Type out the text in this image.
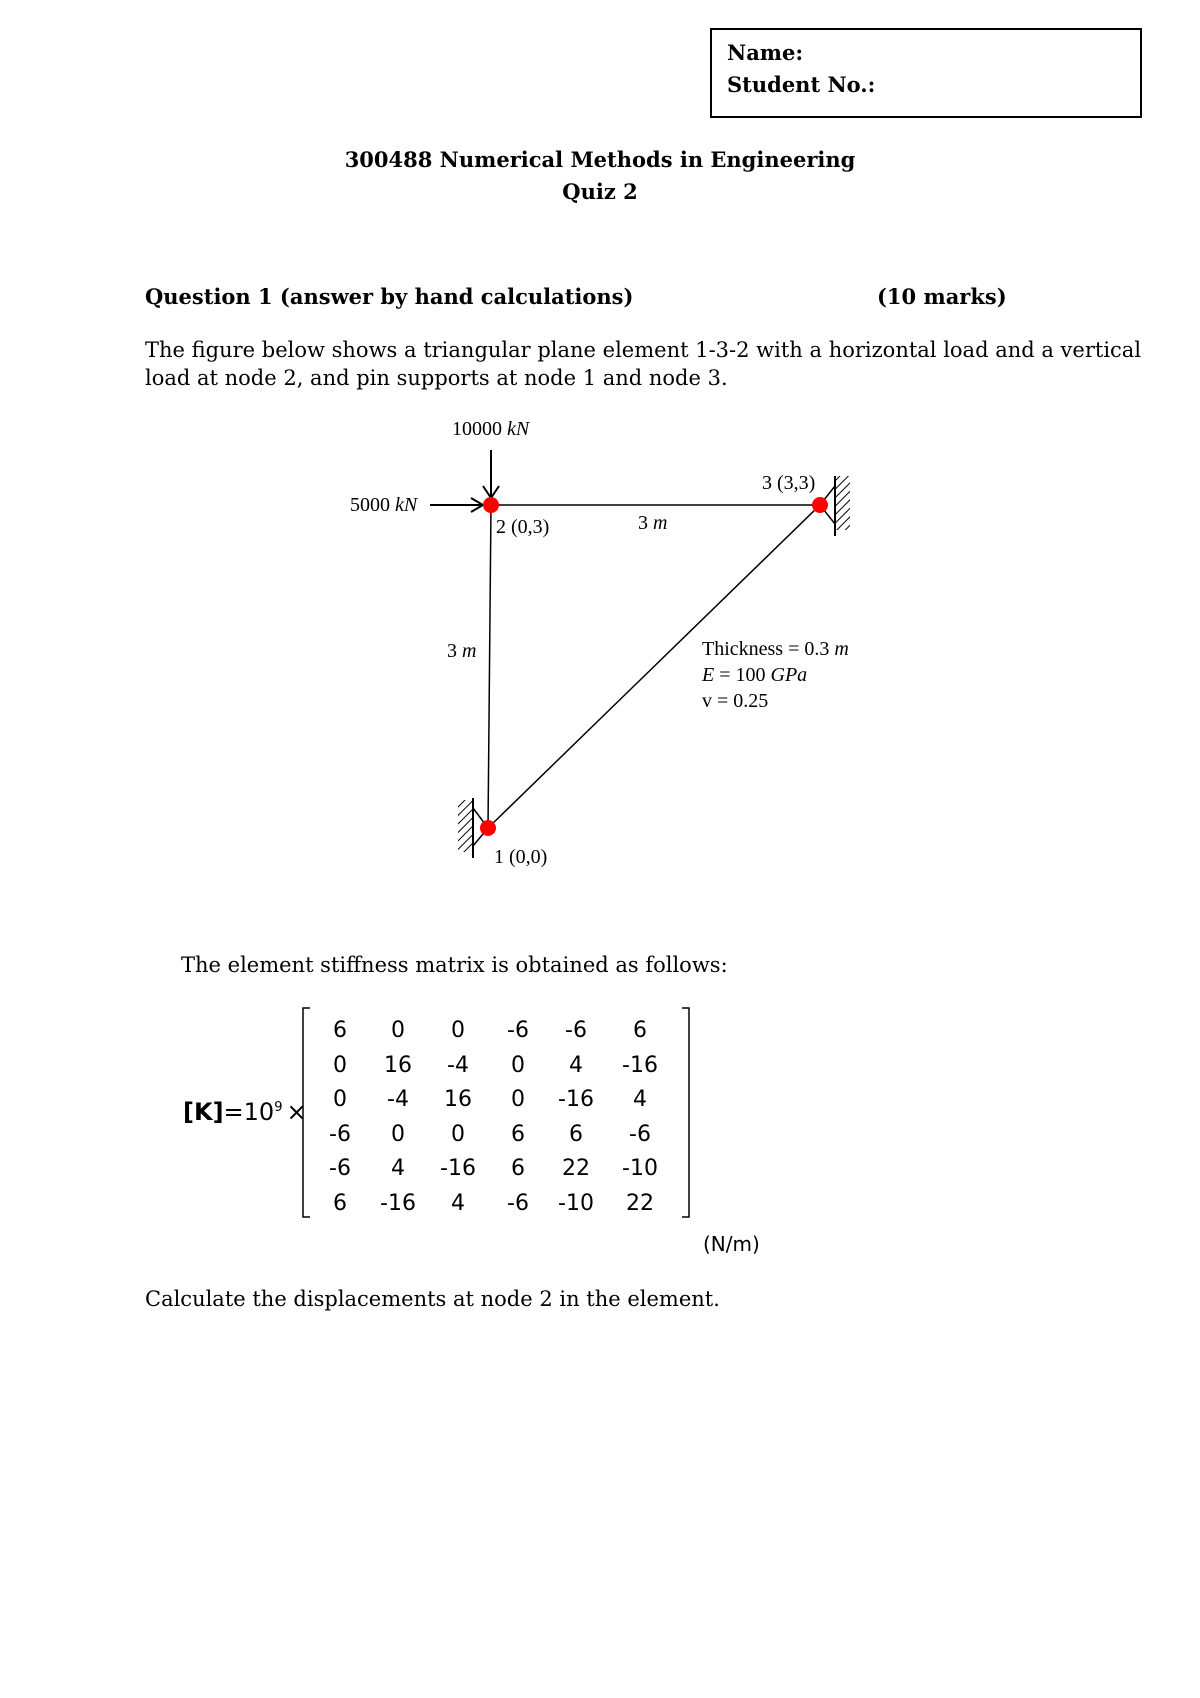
Name:
Student No.:
300488 Numerical Methods in Engineering
Quiz 2
Question 1 (answer by hand calculations)	(10 marks)
The figure below shows a triangular plane element 1-3-2 with a horizontal load and a vertical
load at node 2, and pin supports at node 1 and node 3.
10000 kN
5000 kN
2 (0,3)
3 (3,3)
1 (0,0)
3 m
3 m	Thickness = 0.3 m
E = 100 GPa
v = 0.25
The element stiffness matrix is obtained as follows:
$[K]=10^9$ ×
6	0	0	-6	-6	6
0	16	-4	0	4	-16
0	-4	16	0	-16	4
-6	0	0	6	6	-6
-6	4	-16	6	22	-10
6	-16	4	-6	-10	22
(N/m)
Calculate the displacements at node 2 in the element.
